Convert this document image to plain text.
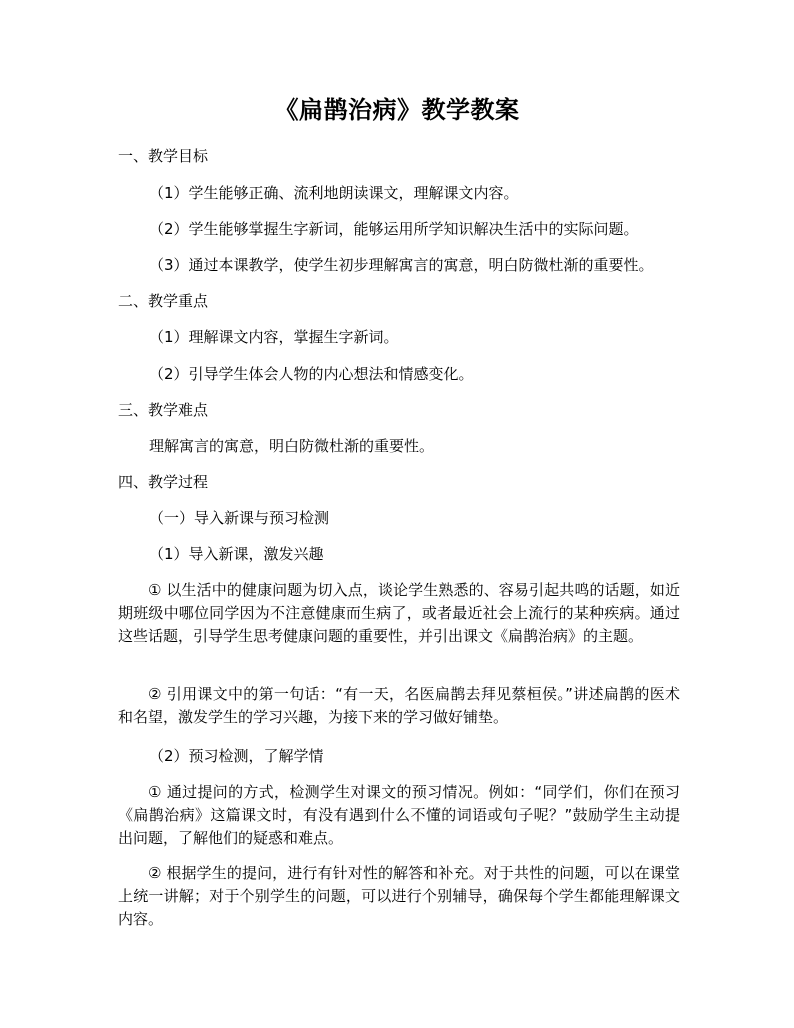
《扁鹊治病》教学教案
一、教学目标
（1）学生能够正确、流利地朗读课文，理解课文内容。
（2）学生能够掌握生字新词，能够运用所学知识解决生活中的实际问题。
（3）通过本课教学，使学生初步理解寓言的寓意，明白防微杜渐的重要性。
二、教学重点
（1）理解课文内容，掌握生字新词。
（2）引导学生体会人物的内心想法和情感变化。
三、教学难点
理解寓言的寓意，明白防微杜渐的重要性。
四、教学过程
（一）导入新课与预习检测
（1）导入新课，激发兴趣
① 以生活中的健康问题为切入点，谈论学生熟悉的、容易引起共鸣的话题，如近期班级中哪位同学因为不注意健康而生病了，或者最近社会上流行的某种疾病。通过这些话题，引导学生思考健康问题的重要性，并引出课文《扁鹊治病》的主题。
② 引用课文中的第一句话：“有一天，名医扁鹊去拜见蔡桓侯。”讲述扁鹊的医术和名望，激发学生的学习兴趣，为接下来的学习做好铺垫。
（2）预习检测，了解学情
① 通过提问的方式，检测学生对课文的预习情况。例如：“同学们，你们在预习《扁鹊治病》这篇课文时，有没有遇到什么不懂的词语或句子呢？”鼓励学生主动提出问题，了解他们的疑惑和难点。
② 根据学生的提问，进行有针对性的解答和补充。对于共性的问题，可以在课堂上统一讲解；对于个别学生的问题，可以进行个别辅导，确保每个学生都能理解课文内容。
